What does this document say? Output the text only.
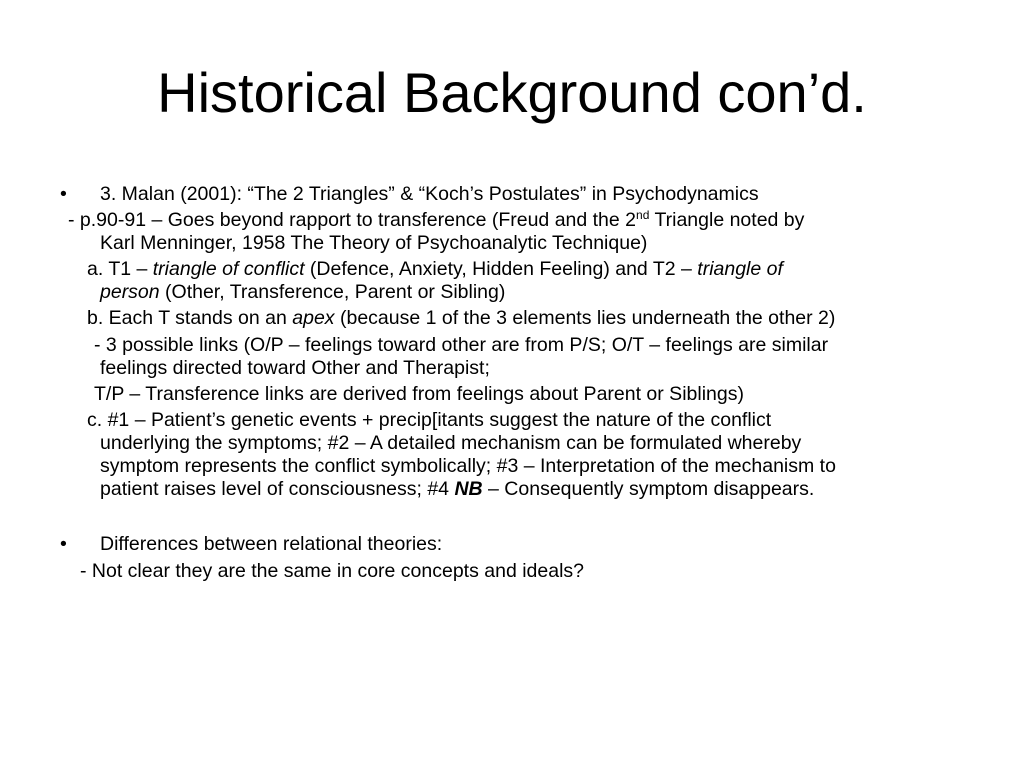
Historical Background con’d.
• 3. Malan (2001): “The 2 Triangles” & “Koch’s Postulates” in Psychodynamics
- p.90-91 – Goes beyond rapport to transference (Freud and the 2nd Triangle noted by
Karl Menninger, 1958 The Theory of Psychoanalytic Technique)
a. T1 – triangle of conflict (Defence, Anxiety, Hidden Feeling) and T2 – triangle of
person (Other, Transference, Parent or Sibling)
b. Each T stands on an apex (because 1 of the 3 elements lies underneath the other 2)
- 3 possible links (O/P – feelings toward other are from P/S; O/T – feelings are similar
feelings directed toward Other and Therapist;
T/P – Transference links are derived from feelings about Parent or Siblings)
c. #1 – Patient’s genetic events + precip[itants suggest the nature of the conflict
underlying the symptoms; #2 – A detailed mechanism can be formulated whereby
symptom represents the conflict symbolically; #3 – Interpretation of the mechanism to
patient raises level of consciousness; #4 NB – Consequently symptom disappears.
• Differences between relational theories:
- Not clear they are the same in core concepts and ideals?
